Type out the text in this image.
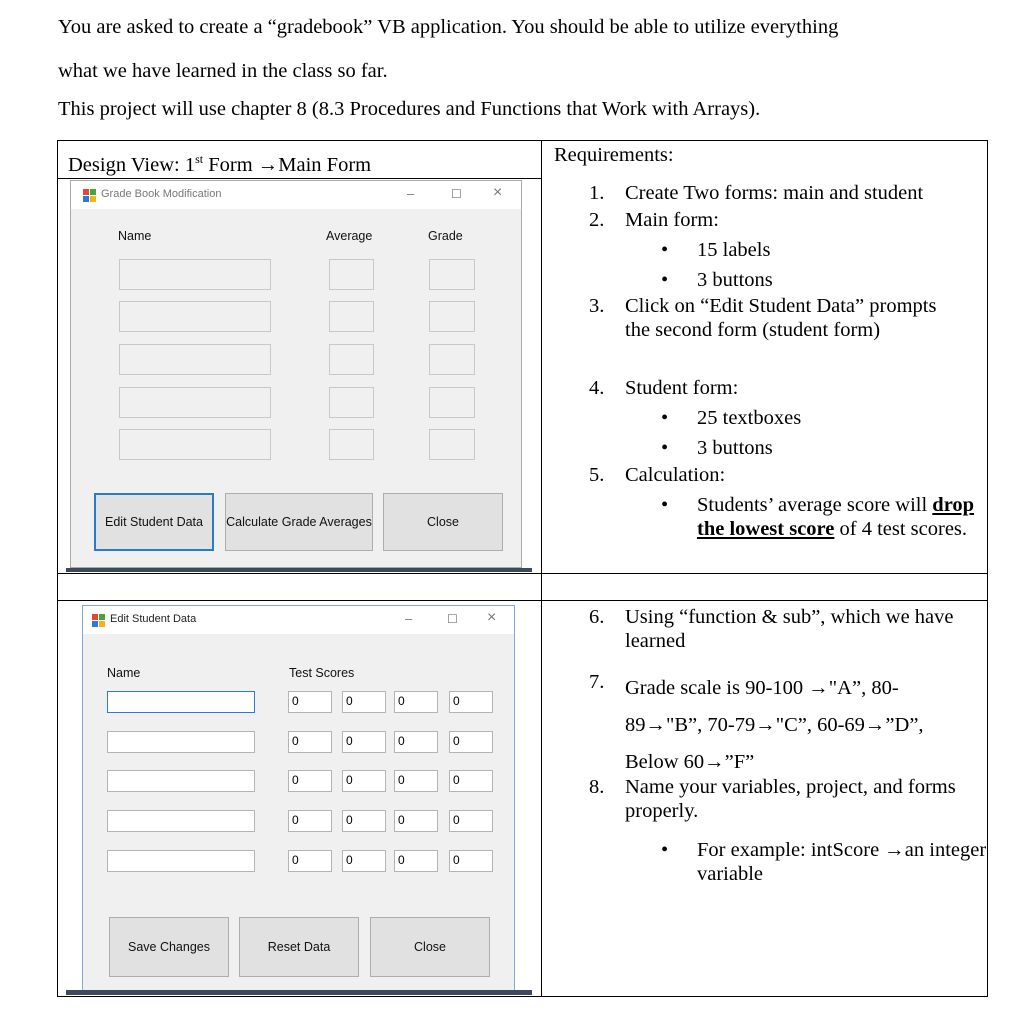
You are asked to create a “gradebook” VB application. You should be able to utilize everything
what we have learned in the class so far.
This project will use chapter 8 (8.3 Procedures and Functions that Work with Arrays).
Design View: 1st Form →Main Form	Requirements:
1. Create Two forms: main and student
2. Main form:
• 15 labels
• 3 buttons
3. Click on “Edit Student Data” prompts the second form (student form)
4. Student form:
• 25 textboxes
• 3 buttons
5. Calculation:
• Students’ average score will drop the lowest score of 4 test scores.
6. Using “function & sub”, which we have learned
7. Grade scale is 90-100 →"A”, 80-89→"B”, 70-79→"C”, 60-69→”D”, Below 60→”F”
8. Name your variables, project, and forms properly.
• For example: intScore →an integer variable
Grade Book Modification	–	☐ ×
Name	Average	Grade
Edit Student Data	Calculate Grade Averages	Close
Edit Student Data	–	☐ ×
Name	Test Scores
0	0	0	0
0	0	0	0
0	0	0	0
0	0	0	0
0	0	0	0
Save Changes	Reset Data	Close
